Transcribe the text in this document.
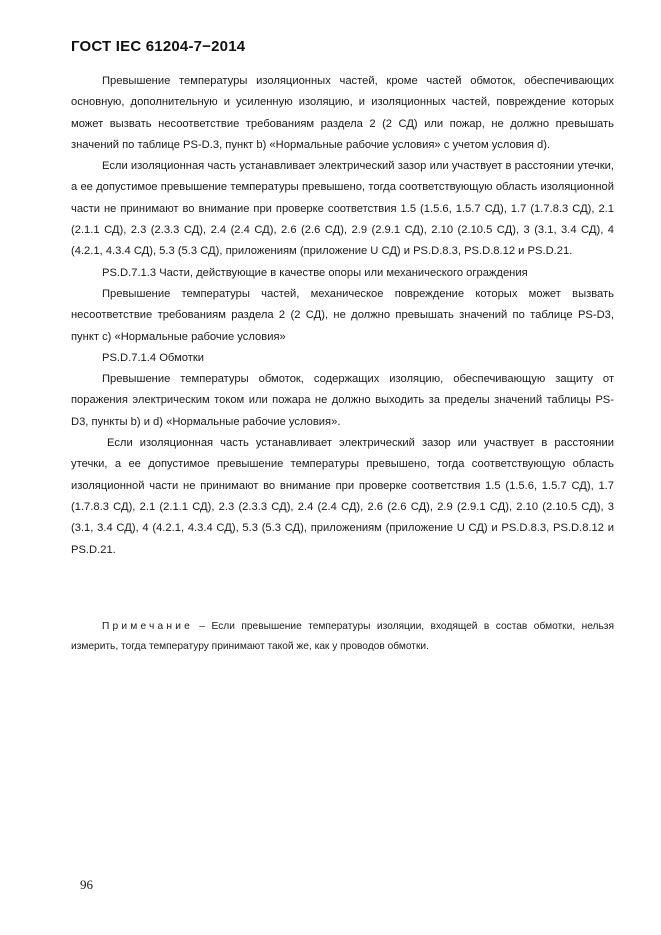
ГОСТ IEC 61204-7−2014

Превышение температуры изоляционных частей, кроме частей обмоток, обеспечивающих основную, дополнительную и усиленную изоляцию, и изоляционных частей, повреждение которых может вызвать несоответствие требованиям раздела 2 (2 СД) или пожар, не должно превышать значений по таблице PS-D.3, пункт b) «Нормальные рабочие условия» с учетом условия d).

Если изоляционная часть устанавливает электрический зазор или участвует в расстоянии утечки, а ее допустимое превышение температуры превышено, тогда соответствующую область изоляционной части не принимают во внимание при проверке соответствия 1.5 (1.5.6, 1.5.7 СД), 1.7 (1.7.8.3 СД), 2.1 (2.1.1 СД), 2.3 (2.3.3 СД), 2.4 (2.4 СД), 2.6 (2.6 СД), 2.9 (2.9.1 СД), 2.10 (2.10.5 СД), 3 (3.1, 3.4 СД), 4 (4.2.1, 4.3.4 СД), 5.3 (5.3 СД), приложениям (приложение U СД) и PS.D.8.3, PS.D.8.12 и PS.D.21.

PS.D.7.1.3 Части, действующие в качестве опоры или механического ограждения

Превышение температуры частей, механическое повреждение которых может вызвать несоответствие требованиям раздела 2 (2 СД), не должно превышать значений по таблице PS-D3, пункт с) «Нормальные рабочие условия»

PS.D.7.1.4 Обмотки

Превышение температуры обмоток, содержащих изоляцию, обеспечивающую защиту от поражения электрическим током или пожара не должно выходить за пределы значений таблицы PS-D3, пункты b) и d) «Нормальные рабочие условия».

Если изоляционная часть устанавливает электрический зазор или участвует в расстоянии утечки, а ее допустимое превышение температуры превышено, тогда соответствующую область изоляционной части не принимают во внимание при проверке соответствия 1.5 (1.5.6, 1.5.7 СД), 1.7 (1.7.8.3 СД), 2.1 (2.1.1 СД), 2.3 (2.3.3 СД), 2.4 (2.4 СД), 2.6 (2.6 СД), 2.9 (2.9.1 СД), 2.10 (2.10.5 СД), 3 (3.1, 3.4 СД), 4 (4.2.1, 4.3.4 СД), 5.3 (5.3 СД), приложениям (приложение U СД) и PS.D.8.3, PS.D.8.12 и PS.D.21.

Примечание – Если превышение температуры изоляции, входящей в состав обмотки, нельзя измерить, тогда температуру принимают такой же, как у проводов обмотки.
96
